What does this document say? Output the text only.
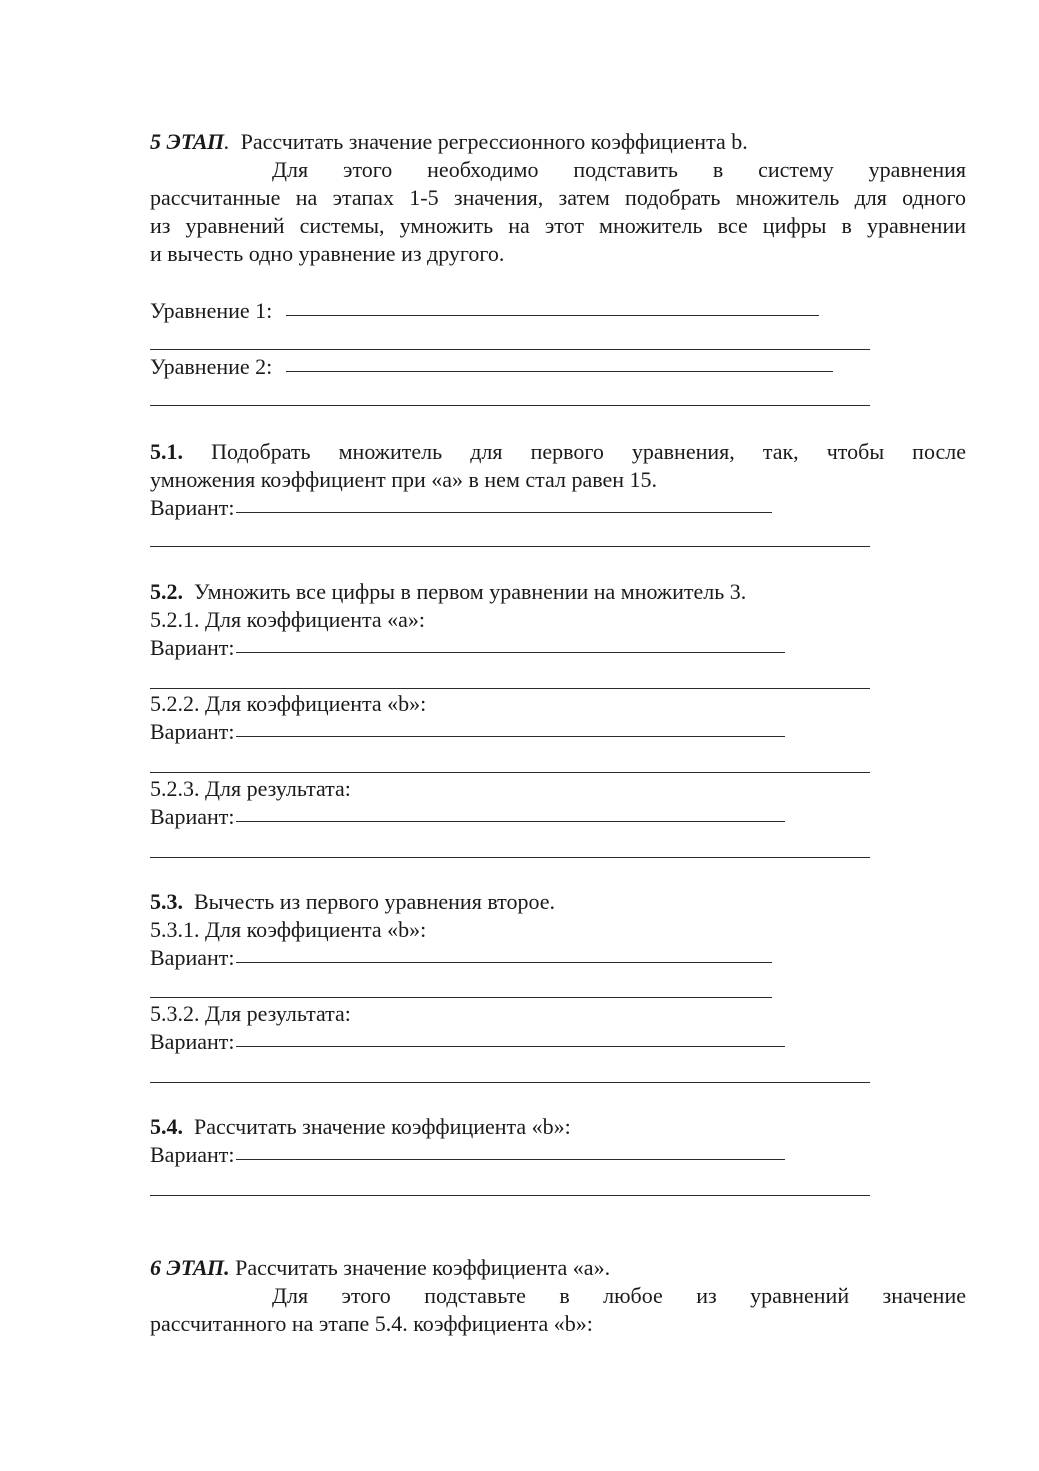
5 ЭТАП. Рассчитать значение регрессионного коэффициента b.
Для этого необходимо подставить в систему уравнения
рассчитанные на этапах 1-5 значения, затем подобрать множитель для одного
из уравнений системы, умножить на этот множитель все цифры в уравнении
и вычесть одно уравнение из другого.
Уравнение 1:
Уравнение 2:
5.1. Подобрать множитель для первого уравнения, так, чтобы после
умножения коэффициент при «а» в нем стал равен 15.
Вариант:
5.2. Умножить все цифры в первом уравнении на множитель 3.
5.2.1. Для коэффициента «а»:
Вариант:
5.2.2. Для коэффициента «b»:
Вариант:
5.2.3. Для результата:
Вариант:
5.3. Вычесть из первого уравнения второе.
5.3.1. Для коэффициента «b»:
Вариант:
5.3.2. Для результата:
Вариант:
5.4. Рассчитать значение коэффициента «b»:
Вариант:
6 ЭТАП. Рассчитать значение коэффициента «а».
Для этого подставьте в любое из уравнений значение
рассчитанного на этапе 5.4. коэффициента «b»:
